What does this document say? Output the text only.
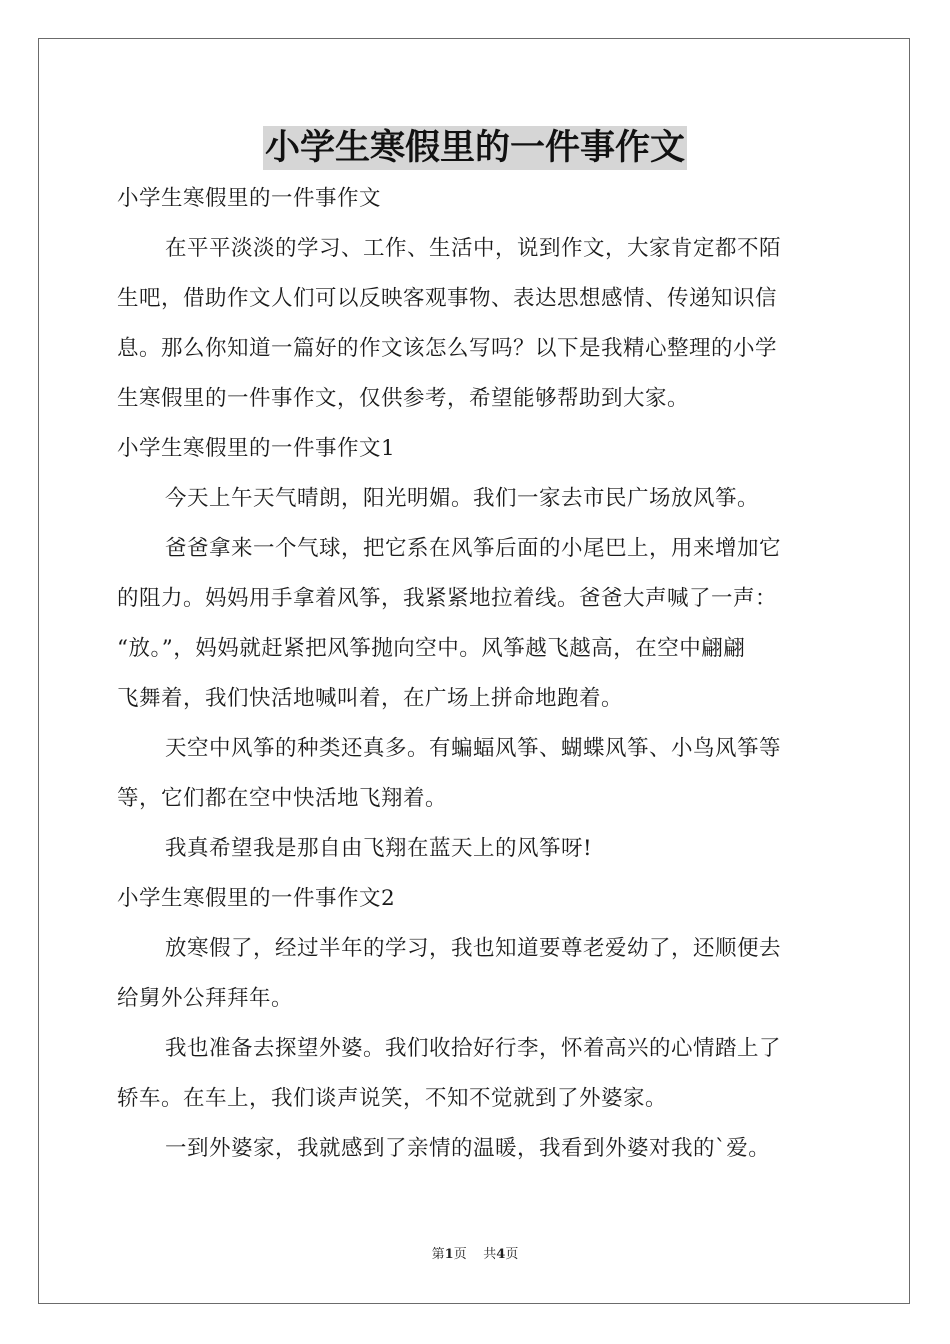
小学生寒假里的一件事作文
小学生寒假里的一件事作文
在平平淡淡的学习、工作、生活中，说到作文，大家肯定都不陌
生吧，借助作文人们可以反映客观事物、表达思想感情、传递知识信
息。那么你知道一篇好的作文该怎么写吗？以下是我精心整理的小学
生寒假里的一件事作文，仅供参考，希望能够帮助到大家。
小学生寒假里的一件事作文1
今天上午天气晴朗，阳光明媚。我们一家去市民广场放风筝。
爸爸拿来一个气球，把它系在风筝后面的小尾巴上，用来增加它
的阻力。妈妈用手拿着风筝，我紧紧地拉着线。爸爸大声喊了一声：
“放。”，妈妈就赶紧把风筝抛向空中。风筝越飞越高，在空中翩翩
飞舞着，我们快活地喊叫着，在广场上拼命地跑着。
天空中风筝的种类还真多。有蝙蝠风筝、蝴蝶风筝、小鸟风筝等
等，它们都在空中快活地飞翔着。
我真希望我是那自由飞翔在蓝天上的风筝呀!
小学生寒假里的一件事作文2
放寒假了，经过半年的学习，我也知道要尊老爱幼了，还顺便去
给舅外公拜拜年。
我也准备去探望外婆。我们收拾好行李，怀着高兴的心情踏上了
轿车。在车上，我们谈声说笑，不知不觉就到了外婆家。
一到外婆家，我就感到了亲情的温暖，我看到外婆对我的`爱。
第1页 共4页
